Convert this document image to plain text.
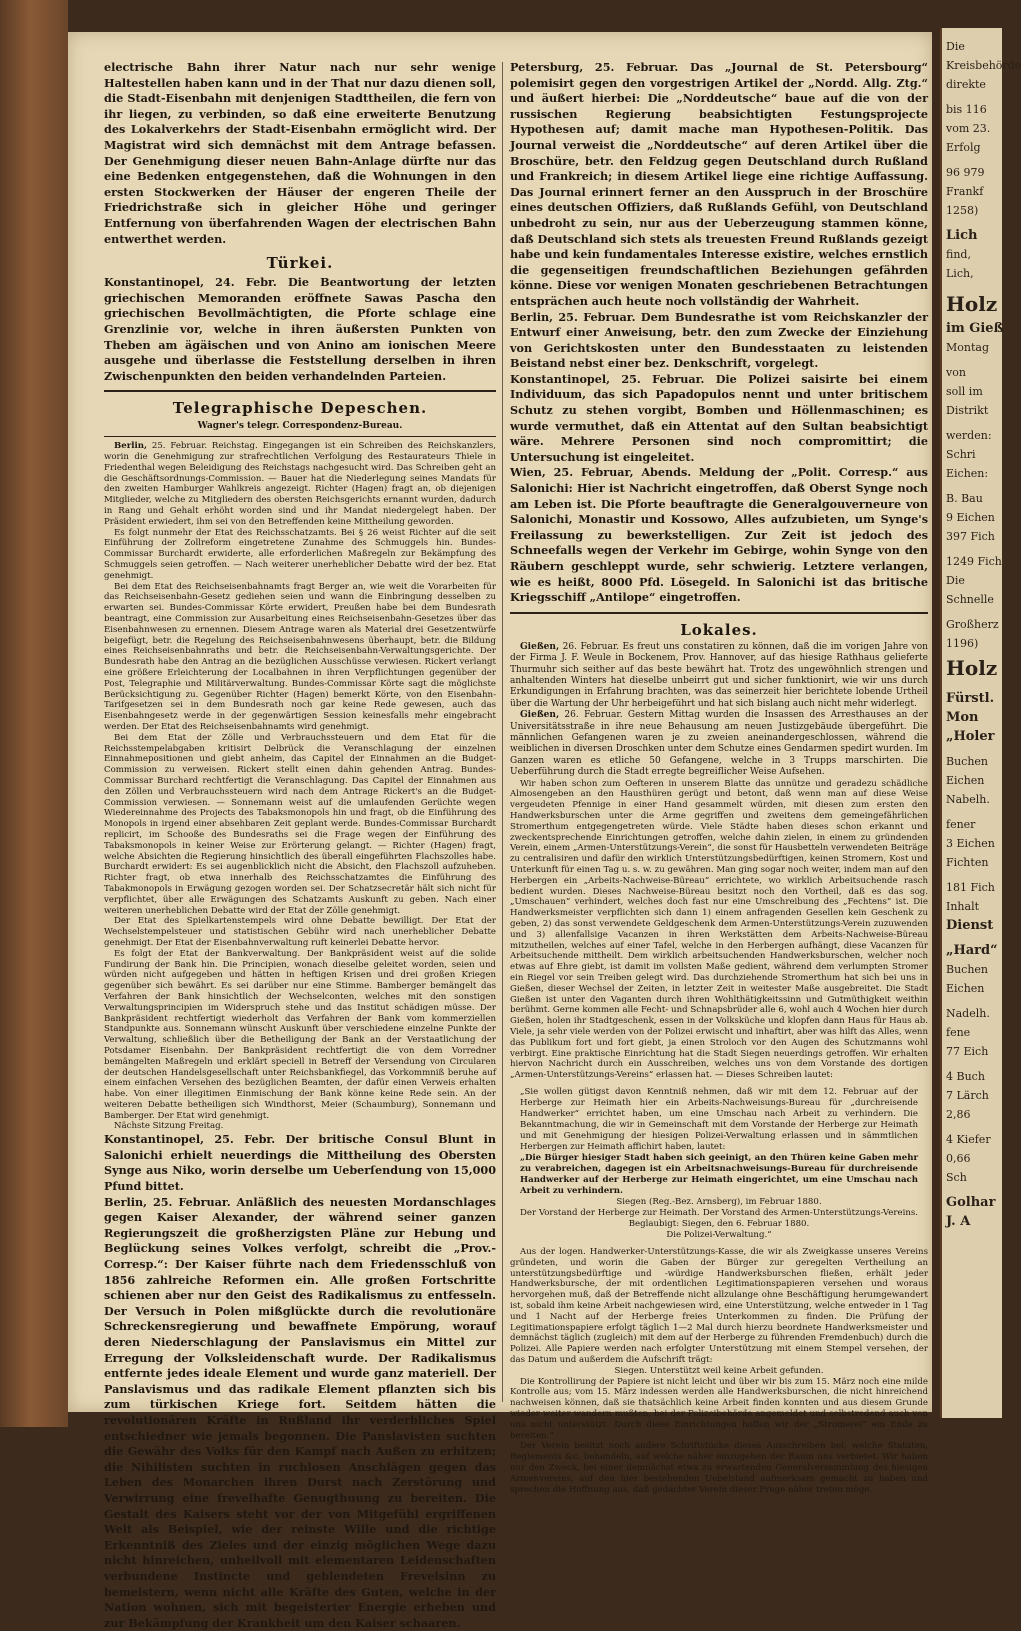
electrische Bahn ihrer Natur nach nur sehr wenige Haltestellen haben kann und in der That nur dazu dienen soll, die Stadt-Eisenbahn mit denjenigen Stadttheilen, die fern von ihr liegen, zu verbinden, so daß eine erweiterte Benutzung des Lokalverkehrs der Stadt-Eisenbahn ermöglicht wird. Der Magistrat wird sich demnächst mit dem Antrage befassen. Der Genehmigung dieser neuen Bahn-Anlage dürfte nur das eine Bedenken entgegenstehen, daß die Wohnungen in den ersten Stockwerken der Häuser der engeren Theile der Friedrichstraße sich in gleicher Höhe und geringer Entfernung von überfahrenden Wagen der electrischen Bahn entwerthet werden.

Türkei.

Konstantinopel, 24. Febr. Die Beantwortung der letzten griechischen Memoranden eröffnete Sawas Pascha den griechischen Bevollmächtigten, die Pforte schlage eine Grenzlinie vor, welche in ihren äußersten Punkten von Theben am ägäischen und von Anino am ionischen Meere ausgehe und überlasse die Feststellung derselben in ihren Zwischenpunkten den beiden verhandelnden Parteien.

Telegraphische Depeschen.
Wagner's telegr. Correspondenz-Bureau.

Berlin, 25. Februar. Reichstag. Eingegangen ist ein Schreiben des Reichskanzlers, worin die Genehmigung zur strafrechtlichen Verfolgung des Restaurateurs Thiele in Friedenthal wegen Beleidigung des Reichstags nachgesucht wird. Das Schreiben geht an die Geschäftsordnungs-Commission. — Bauer hat die Niederlegung seines Mandats für den zweiten Hamburger Wahlkreis angezeigt. Richter (Hagen) fragt an, ob diejenigen Mitglieder, welche zu Mitgliedern des obersten Reichsgerichts ernannt wurden, dadurch in Rang und Gehalt erhöht worden sind und ihr Mandat niedergelegt haben. Der Präsident erwiedert, ihm sei von den Betreffenden keine Mittheilung geworden.

Es folgt nunmehr der Etat des Reichsschatzamts. Bei § 26 weist Richter auf die seit Einführung der Zollreform eingetretene Zunahme des Schmuggels hin. Bundes-Commissar Burchardt erwiderte, alle erforderlichen Maßregeln zur Bekämpfung des Schmuggels seien getroffen. — Nach weiterer unerheblicher Debatte wird der bez. Etat genehmigt.

Bei dem Etat des Reichseisenbahnamts fragt Berger an, wie weit die Vorarbeiten für das Reichseisenbahn-Gesetz gediehen seien und wann die Einbringung desselben zu erwarten sei. Bundes-Commissar Körte erwidert, Preußen habe bei dem Bundesrath beantragt, eine Commission zur Ausarbeitung eines Reichseisenbahn-Gesetzes über das Eisenbahnwesen zu ernennen. Diesem Antrage waren als Material drei Gesetzentwürfe beigefügt, betr. die Regelung des Reichseisenbahnwesens überhaupt, betr. die Bildung eines Reichseisenbahnraths und betr. die Reichseisenbahn-Verwaltungsgerichte. Der Bundesrath habe den Antrag an die bezüglichen Ausschüsse verwiesen. Rickert verlangt eine größere Erleichterung der Localbahnen in ihren Verpflichtungen gegenüber der Post, Telegraphie und Militärverwaltung. Bundes-Commissar Körte sagt die möglichste Berücksichtigung zu. Gegenüber Richter (Hagen) bemerkt Körte, von den Eisenbahn-Tarifgesetzen sei in dem Bundesrath noch gar keine Rede gewesen, auch das Eisenbahngesetz werde in der gegenwärtigen Session keinesfalls mehr eingebracht werden. Der Etat des Reichseisenbahnamts wird genehmigt.

Bei dem Etat der Zölle und Verbrauchssteuern und dem Etat für die Reichsstempelabgaben kritisirt Delbrück die Veranschlagung der einzelnen Einnahmepositionen und giebt anheim, das Capitel der Einnahmen an die Budget-Commission zu verweisen. Rickert stellt einen dahin gehenden Antrag. Bundes-Commissar Burchard rechtfertigt die Veranschlagung. Das Capitel der Einnahmen aus den Zöllen und Verbrauchssteuern wird nach dem Antrage Rickert's an die Budget-Commission verwiesen. — Sonnemann weist auf die umlaufenden Gerüchte wegen Wiedereinnahme des Projects des Tabaksmonopols hin und fragt, ob die Einführung des Monopols in irgend einer absehbaren Zeit geplant werde. Bundes-Commissar Burchardt replicirt, im Schooße des Bundesraths sei die Frage wegen der Einführung des Tabaksmonopols in keiner Weise zur Erörterung gelangt. — Richter (Hagen) fragt, welche Absichten die Regierung hinsichtlich des überall eingeführten Flachszolles habe. Burchardt erwidert: Es sei augenblicklich nicht die Absicht, den Flachszoll aufzuheben. Richter fragt, ob etwa innerhalb des Reichsschatzamtes die Einführung des Tabakmonopols in Erwägung gezogen worden sei. Der Schatzsecretär hält sich nicht für verpflichtet, über alle Erwägungen des Schatzamts Auskunft zu geben. Nach einer weiteren unerheblichen Debatte wird der Etat der Zölle genehmigt.

Der Etat des Spielkartenstempels wird ohne Debatte bewilligt. Der Etat der Wechselstempelsteuer und statistischen Gebühr wird nach unerheblicher Debatte genehmigt. Der Etat der Eisenbahnverwaltung ruft keinerlei Debatte hervor.

Es folgt der Etat der Bankverwaltung. Der Bankpräsident weist auf die solide Fundirung der Bank hin. Die Principien, wonach dieselbe geleitet worden, seien und würden nicht aufgegeben und hätten in heftigen Krisen und drei großen Kriegen gegenüber sich bewährt. Es sei darüber nur eine Stimme. Bamberger bemängelt das Verfahren der Bank hinsichtlich der Wechselconten, welches mit den sonstigen Verwaltungsprincipien im Widerspruch stehe und das Institut schädigen müsse. Der Bankpräsident rechtfertigt wiederholt das Verfahren der Bank vom kommerziellen Standpunkte aus. Sonnemann wünscht Auskunft über verschiedene einzelne Punkte der Verwaltung, schließlich über die Betheiligung der Bank an der Verstaatlichung der Potsdamer Eisenbahn. Der Bankpräsident rechtfertigt die von dem Vorredner bemängelten Maßregeln und erklärt speciell in Betreff der Versendung von Circularen der deutschen Handelsgesellschaft unter Reichsbankfiegel, das Vorkommniß beruhe auf einem einfachen Versehen des bezüglichen Beamten, der dafür einen Verweis erhalten habe. Von einer illegitimen Einmischung der Bank könne keine Rede sein. An der weiteren Debatte betheiligen sich Windthorst, Meier (Schaumburg), Sonnemann und Bamberger. Der Etat wird genehmigt.

Nächste Sitzung Freitag.

Konstantinopel, 25. Febr. Der britische Consul Blunt in Salonichi erhielt neuerdings die Mittheilung des Obersten Synge aus Niko, worin derselbe um Ueberſendung von 15,000 Pfund bittet.

Berlin, 25. Februar. Anläßlich des neuesten Mordanschlages gegen Kaiser Alexander, der während seiner ganzen Regierungszeit die großherzigsten Pläne zur Hebung und Beglückung seines Volkes verfolgt, schreibt die „Prov.-Corresp.“: Der Kaiser führte nach dem Friedensschluß von 1856 zahlreiche Reformen ein. Alle großen Fortschritte schienen aber nur den Geist des Radikalismus zu entfesseln. Der Versuch in Polen mißglückte durch die revolutionäre Schreckensregierung und bewaffnete Empörung, worauf deren Niederschlagung der Panslavismus ein Mittel zur Erregung der Volksleidenschaft wurde. Der Radikalismus entfernte jedes ideale Element und wurde ganz materiell. Der Panslavismus und das radikale Element pflanzten sich bis zum türkischen Kriege fort. Seitdem hätten die revolutionären Kräfte in Rußland ihr verderbliches Spiel entschiedner wie jemals begonnen. Die Panslavisten suchten die Gewähr des Volks für den Kampf nach Außen zu erhitzen; die Nihilisten suchten in ruchlosen Anschlägen gegen das Leben des Monarchen ihren Durst nach Zerstörung und Verwirrung eine frevelhafte Genugthuung zu bereiten. Die Gestalt des Kaisers steht vor der von Mitgefühl ergriffenen Welt als Beispiel, wie der reinste Wille und die richtige Erkenntniß des Zieles und der einzig möglichen Wege dazu nicht hinreichen, unheilvoll mit elementaren Leidenschaften verbundene Instincte und geblendeten Frevelsinn zu bemeistern, wenn nicht alle Kräfte des Guten, welche in der Nation wohnen, sich mit begeisterter Energie erheben und zur Bekämpfung der Krankheit um den Kaiser schaaren.

Petersburg, 25. Februar. Das „Journal de St. Petersbourg“ polemisirt gegen den vorgestrigen Artikel der „Nordd. Allg. Ztg.“ und äußert hierbei: Die „Norddeutsche“ baue auf die von der russischen Regierung beabsichtigten Festungsprojecte Hypothesen auf; damit mache man Hypothesen-Politik. Das Journal verweist die „Norddeutsche“ auf deren Artikel über die Broschüre, betr. den Feldzug gegen Deutschland durch Rußland und Frankreich; in diesem Artikel liege eine richtige Auffassung. Das Journal erinnert ferner an den Ausspruch in der Broschüre eines deutschen Offiziers, daß Rußlands Gefühl, von Deutschland unbedroht zu sein, nur aus der Ueberzeugung stammen könne, daß Deutschland sich stets als treuesten Freund Rußlands gezeigt habe und kein fundamentales Interesse existire, welches ernstlich die gegenseitigen freundschaftlichen Beziehungen gefährden könne. Diese vor wenigen Monaten geschriebenen Betrachtungen entsprächen auch heute noch vollständig der Wahrheit.

Berlin, 25. Februar. Dem Bundesrathe ist vom Reichskanzler der Entwurf einer Anweisung, betr. den zum Zwecke der Einziehung von Gerichtskosten unter den Bundesstaaten zu leistenden Beistand nebst einer bez. Denkschrift, vorgelegt.

Konstantinopel, 25. Februar. Die Polizei saisirte bei einem Individuum, das sich Papadopulos nennt und unter britischem Schutz zu stehen vorgibt, Bomben und Höllenmaschinen; es wurde vermuthet, daß ein Attentat auf den Sultan beabsichtigt wäre. Mehrere Personen sind noch compromittirt; die Untersuchung ist eingeleitet.

Wien, 25. Februar, Abends. Meldung der „Polit. Corresp.“ aus Salonichi: Hier ist Nachricht eingetroffen, daß Oberst Synge noch am Leben ist. Die Pforte beauftragte die Generalgouverneure von Salonichi, Monastir und Kossowo, Alles aufzubieten, um Synge's Freilassung zu bewerkstelligen. Zur Zeit ist jedoch des Schneefalls wegen der Verkehr im Gebirge, wohin Synge von den Räubern geschleppt wurde, sehr schwierig. Letztere verlangen, wie es heißt, 8000 Pfd. Lösegeld. In Salonichi ist das britische Kriegsschiff „Antilope“ eingetroffen.

Lokales.

Gießen, 26. Februar. Es freut uns constatiren zu können, daß die im vorigen Jahre von der Firma J. F. Weule in Bockenem, Prov. Hannover, auf das hiesige Rathhaus gelieferte Thurmuhr sich seither auf das beste bewährt hat. Trotz des ungewöhnlich strengen und anhaltenden Winters hat dieselbe unbeirrt gut und sicher funktionirt, wie wir uns durch Erkundigungen in Erfahrung brachten, was das seinerzeit hier berichtete lobende Urtheil über die Wartung der Uhr herbeigeführt und hat sich bislang auch nicht mehr widerlegt.

Gießen, 26. Februar. Gestern Mittag wurden die Insassen des Arresthauses an der Universitätsstraße in ihre neue Behausung am neuen Justizgebäude übergeführt. Die männlichen Gefangenen waren je zu zweien aneinandergeschlossen, während die weiblichen in diversen Droschken unter dem Schutze eines Gendarmen spedirt wurden. Im Ganzen waren es etliche 50 Gefangene, welche in 3 Trupps marschirten. Die Ueberführung durch die Stadt erregte begreiflicher Weise Aufsehen.

Wir haben schon zum Oefteren in unserem Blatte das unnütze und geradezu schädliche Almosengeben an den Hausthüren gerügt und betont, daß wenn man auf diese Weise vergeudeten Pfennige in einer Hand gesammelt würden, mit diesen zum ersten den Handwerksburschen unter die Arme gegriffen und zweitens dem gemeingefährlichen Stromerthum entgegengetreten würde. Viele Städte haben dieses schon erkannt und zweckentsprechende Einrichtungen getroffen, welche dahin zielen, in einem zu gründenden Verein, einem „Armen-Unterstützungs-Verein“, die sonst für Hausbetteln verwendeten Beiträge zu centralisiren und dafür den wirklich Unterstützungsbedürftigen, keinen Stromern, Kost und Unterkunft für einen Tag u. s. w. zu gewähren. Man ging sogar noch weiter, indem man auf den Herbergen ein „Arbeits-Nachweise-Büreau“ errichtete, wo wirklich Arbeitsuchende rasch bedient wurden. Dieses Nachweise-Büreau besitzt noch den Vortheil, daß es das sog. „Umschauen“ verhindert, welches doch fast nur eine Umschreibung des „Fechtens“ ist. Die Handwerksmeister verpflichten sich dann 1) einem anfragenden Gesellen kein Geschenk zu geben, 2) das sonst verwendete Geldgeschenk dem Armen-Unterstützungs-Verein zuzuwenden und 3) allenfallsige Vacanzen in ihren Werkstätten dem Arbeits-Nachweise-Büreau mitzutheilen, welches auf einer Tafel, welche in den Herbergen aufhängt, diese Vacanzen für Arbeitsuchende mittheilt. Dem wirklich arbeitsuchenden Handwerksburschen, welcher noch etwas auf Ehre giebt, ist damit im vollsten Maße gedient, während dem verlumpten Stromer ein Riegel vor sein Treiben gelegt wird. Das durchziehende Stromerthum hat sich bei uns in Gießen, dieser Wechsel der Zeiten, in letzter Zeit in weitester Maße ausgebreitet. Die Stadt Gießen ist unter den Vaganten durch ihren Wohlthätigkeitssinn und Gutmüthigkeit weithin berühmt. Gerne kommen alle Fecht- und Schnapsbrüder alle 6, wohl auch 4 Wochen hier durch Gießen, holen ihr Stadtgeschenk, essen in der Volksküche und klopfen dann Haus für Haus ab. Viele, ja sehr viele werden von der Polizei erwischt und inhaftirt, aber was hilft das Alles, wenn das Publikum fort und fort giebt, ja einen Stroloch vor den Augen des Schutzmanns wohl verbirgt. Eine praktische Einrichtung hat die Stadt Siegen neuerdings getroffen. Wir erhalten hiervon Nachricht durch ein Ausschreiben, welches uns von dem Vorstande des dortigen „Armen-Unterstützungs-Vereins“ erlassen hat. — Dieses Schreiben lautet:

„Sie wollen gütigst davon Kenntniß nehmen, daß wir mit dem 12. Februar auf der Herberge zur Heimath hier ein Arbeits-Nachweisungs-Bureau für „durchreisende Handwerker“ errichtet haben, um eine Umschau nach Arbeit zu verhindern. Die Bekanntmachung, die wir in Gemeinschaft mit dem Vorstande der Herberge zur Heimath und mit Genehmigung der hiesigen Polizei-Verwaltung erlassen und in sämmtlichen Herbergen zur Heimath affichirt haben, lautet:

„Die Bürger hiesiger Stadt haben sich geeinigt, an den Thüren keine Gaben mehr zu verabreichen, dagegen ist ein Arbeitsnachweisungs-Bureau für durchreisende Handwerker auf der Herberge zur Heimath eingerichtet, um eine Umschau nach Arbeit zu verhindern.

Siegen (Reg.-Bez. Arnsberg), im Februar 1880.

Der Vorstand der Herberge zur Heimath. Der Vorstand des Armen-Unterstützungs-Vereins.

Beglaubigt: Siegen, den 6. Februar 1880.

Die Polizei-Verwaltung.“

Aus der logen. Handwerker-Unterstützungs-Kasse, die wir als Zweigkasse unseres Vereins gründeten, und worin die Gaben der Bürger zur geregelten Vertheilung an unterstützungsbedürftige und -würdige Handwerksburschen fließen, erhält jeder Handwerksbursche, der mit ordentlichen Legitimationspapieren versehen und woraus hervorgehen muß, daß der Betreffende nicht allzulange ohne Beschäftigung herumgewandert ist, sobald ihm keine Arbeit nachgewiesen wird, eine Unterstützung, welche entweder in 1 Tag und 1 Nacht auf der Herberge freies Unterkommen zu finden. Die Prüfung der Legitimationspapiere erfolgt täglich 1—2 Mal durch hierzu beordnete Handwerksmeister und demnächst täglich (zugleich) mit dem auf der Herberge zu führenden Fremdenbuch) durch die Polizei. Alle Papiere werden nach erfolgter Unterstützung mit einem Stempel versehen, der das Datum und außerdem die Aufschrift trägt:

Siegen. Unterstützt weil keine Arbeit gefunden.

Die Kontrollirung der Papiere ist nicht leicht und über wir bis zum 15. März noch eine milde Kontrolle aus; vom 15. März indessen werden alle Handwerksburschen, die nicht hinreichend nachweisen können, daß sie thatsächlich keine Arbeit finden konnten und aus diesem Grunde wieder weiter wandern mußten, bei der Polizeibehörde angemeldet und selbstredend auch von uns nicht unterstützt. Durch diese Einrichtungen hoffen wir der „Stromerei“ ein Ende zu bereiten.“

Der Verein besitzt noch andere Schriftstücke dieses Ausschreiben bei, welche Statuten, Reglements &c. behandeln, auf welche näher einzugehen der Raum uns verbietet. Wir haben nur den Zweck, bei einer demnächst etwa zu erwartenden Generalversammlung des hiesigen Armenvereins, auf den hier bestehenden Uebelstand aufmerksam gemacht zu haben und sprechen die Hoffnung aus, daß gedachter Verein dieser Frage näher treten möge.

Die
Kreisbehörde
direkte
bis 116
vom 23.
Erfolg
96 979
Frankf
1258)
Lich
find,
Lich,
Holz
im Gieß
Montag
von
soll im
Distrikt
werden:
Schri
Eichen:
B. Bau
9 Eichen
397 Fich
1249 Fich
Die
Schnelle
Großherz
1196)
Holz
Fürstl.
Mon
„Holer
Buchen
Eichen
Nabelh.
fener
3 Eichen
Fichten
181 Fich
Inhalt
Dienst
„Hard“
Buchen
Eichen
Nadelh.
fene
77 Eich
4 Buch
7 Lärch
2,86
4 Kiefer
0,66
Sch
Golhar
J. A
